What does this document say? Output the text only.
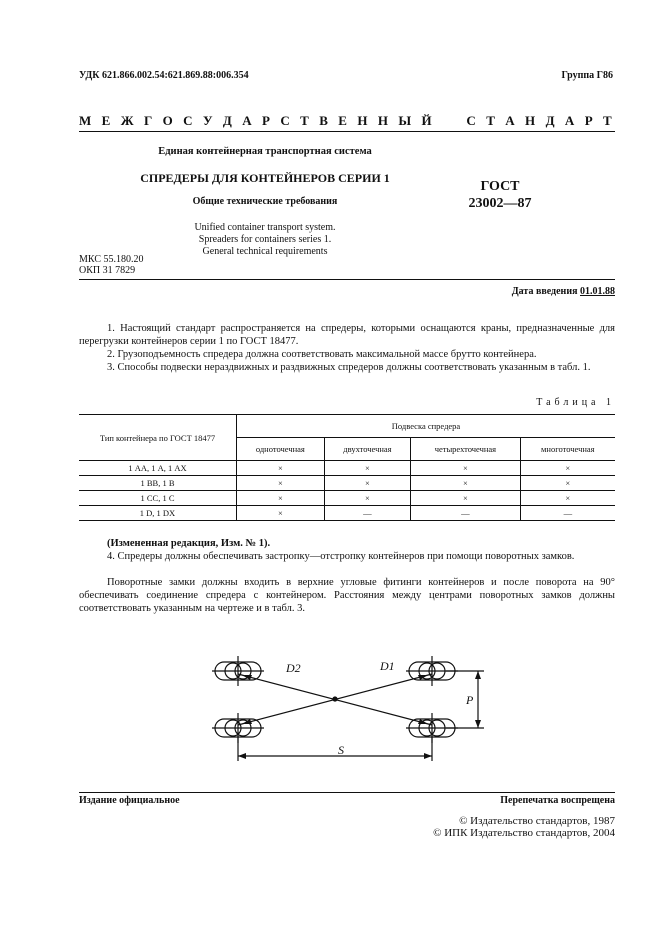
УДК 621.866.002.54:621.869.88:006.354	Группа Г86
М Е Ж Г О С У Д А Р С Т В Е Н Н Ы Й	С Т А Н Д А Р Т
Единая контейнерная транспортная система
СПРЕДЕРЫ ДЛЯ КОНТЕЙНЕРОВ СЕРИИ 1
Общие технические требования
Unified container transport system.
Spreaders for containers series 1.
General technical requirements
ГОСТ
23002—87
МКС 55.180.20
ОКП 31 7829
Дата введения 01.01.88
1. Настоящий стандарт распространяется на спредеры, которыми оснащаются краны, предназначенные для перегрузки контейнеров серии 1 по ГОСТ 18477.
2. Грузоподъемность спредера должна соответствовать максимальной массе брутто контейнера.
3. Способы подвески нераздвижных и раздвижных спредеров должны соответствовать указанным в табл. 1.
Таблица 1
Тип контейнера по ГОСТ 18477	Подвеска спредера			
	одноточечная	двухточечная	четырехточечная	многоточечная
1 АА, 1 А, 1 АХ	×	×	×	×
1 ВВ, 1 В	×	×	×	×
1 СС, 1 С	×	×	×	×
1 D, 1 DX	×	—	—	—
(Измененная редакция, Изм. № 1).
4. Спредеры должны обеспечивать застропку—отстропку контейнеров при помощи поворотных замков.
Поворотные замки должны входить в верхние угловые фитинги контейнеров и после поворота на 90° обеспечивать соединение спредера с контейнером. Расстояния между центрами поворотных замков должны соответствовать указанным на чертеже и в табл. 3.
D2	D1
P
S
Издание официальное	Перепечатка воспрещена
© Издательство стандартов, 1987
© ИПК Издательство стандартов, 2004
